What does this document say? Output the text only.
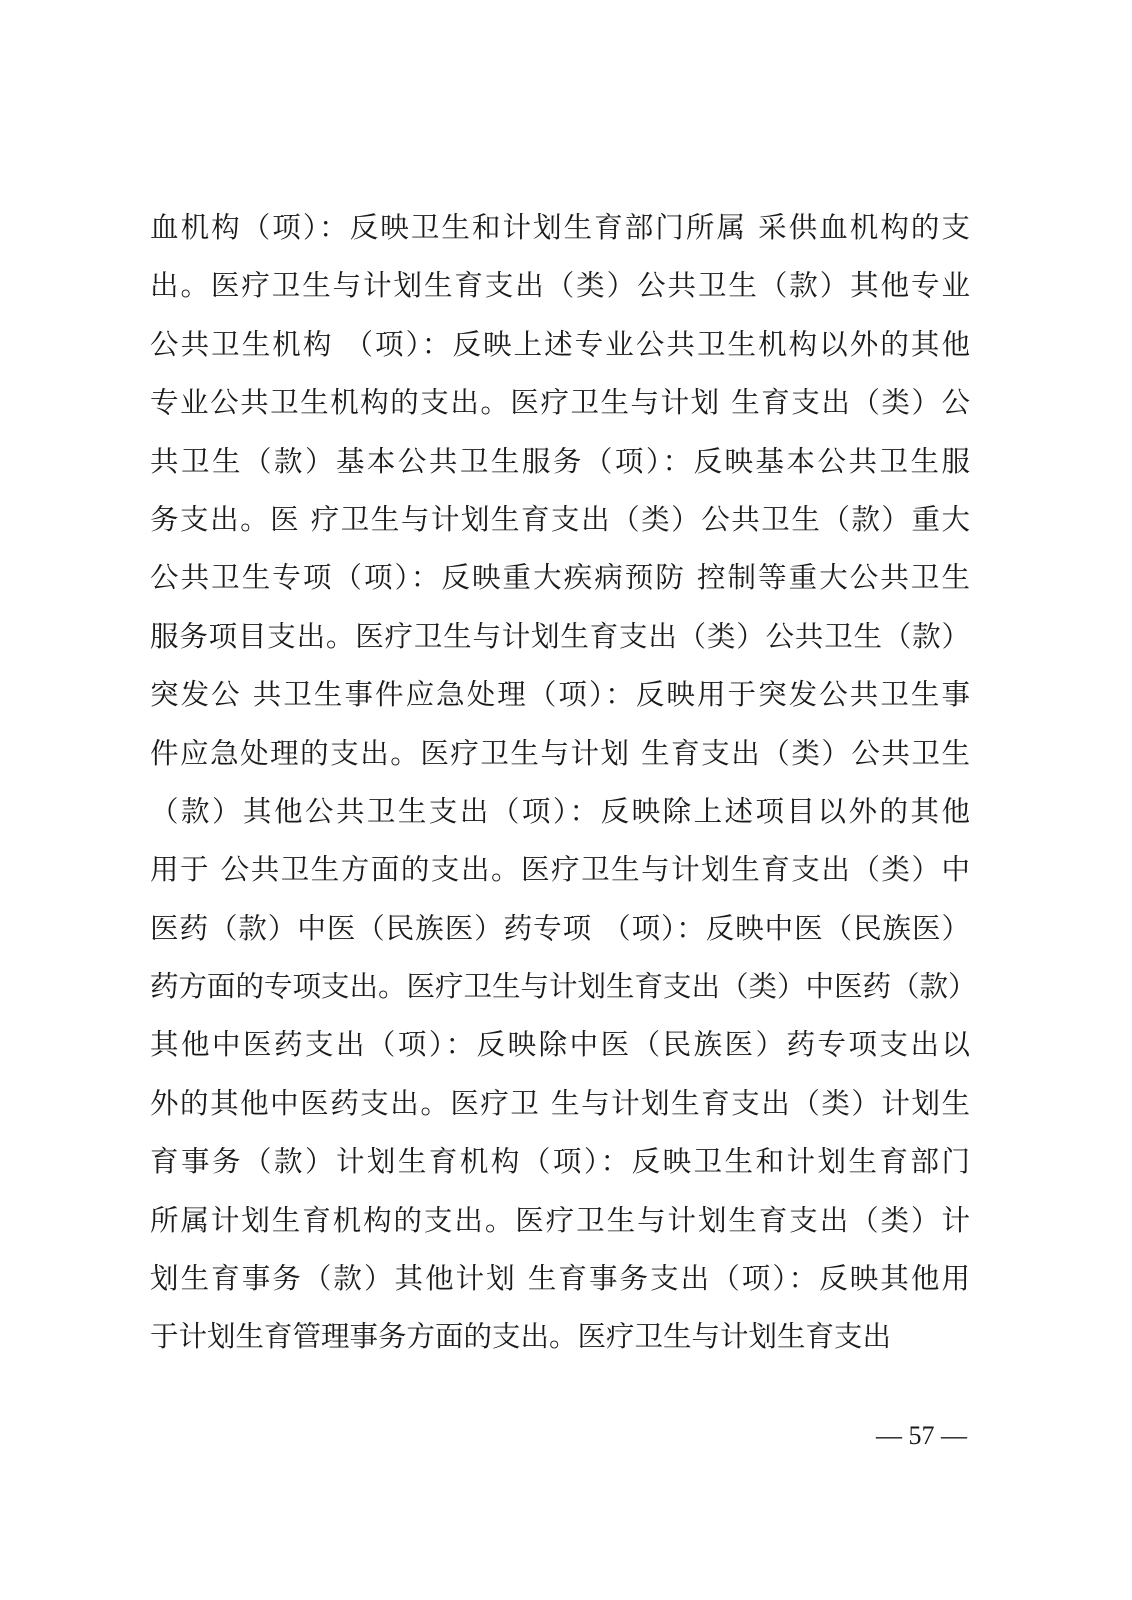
血机构（项）：反映卫生和计划生育部门所属 采供血机构的支
出。医疗卫生与计划生育支出（类）公共卫生（款）其他专业
公共卫生机构 （项）：反映上述专业公共卫生机构以外的其他
专业公共卫生机构的支出。医疗卫生与计划 生育支出（类）公
共卫生（款）基本公共卫生服务（项）：反映基本公共卫生服
务支出。医 疗卫生与计划生育支出（类）公共卫生（款）重大
公共卫生专项（项）：反映重大疾病预防 控制等重大公共卫生
服务项目支出。医疗卫生与计划生育支出（类）公共卫生（款）
突发公 共卫生事件应急处理（项）：反映用于突发公共卫生事
件应急处理的支出。医疗卫生与计划 生育支出（类）公共卫生
（款）其他公共卫生支出（项）：反映除上述项目以外的其他
用于 公共卫生方面的支出。医疗卫生与计划生育支出（类）中
医药（款）中医（民族医）药专项 （项）：反映中医（民族医）
药方面的专项支出。医疗卫生与计划生育支出（类）中医药（款）
其他中医药支出（项）：反映除中医（民族医）药专项支出以
外的其他中医药支出。医疗卫 生与计划生育支出（类）计划生
育事务（款）计划生育机构（项）：反映卫生和计划生育部门
所属计划生育机构的支出。医疗卫生与计划生育支出（类）计
划生育事务（款）其他计划 生育事务支出（项）：反映其他用
于计划生育管理事务方面的支出。医疗卫生与计划生育支出
— 57 —
